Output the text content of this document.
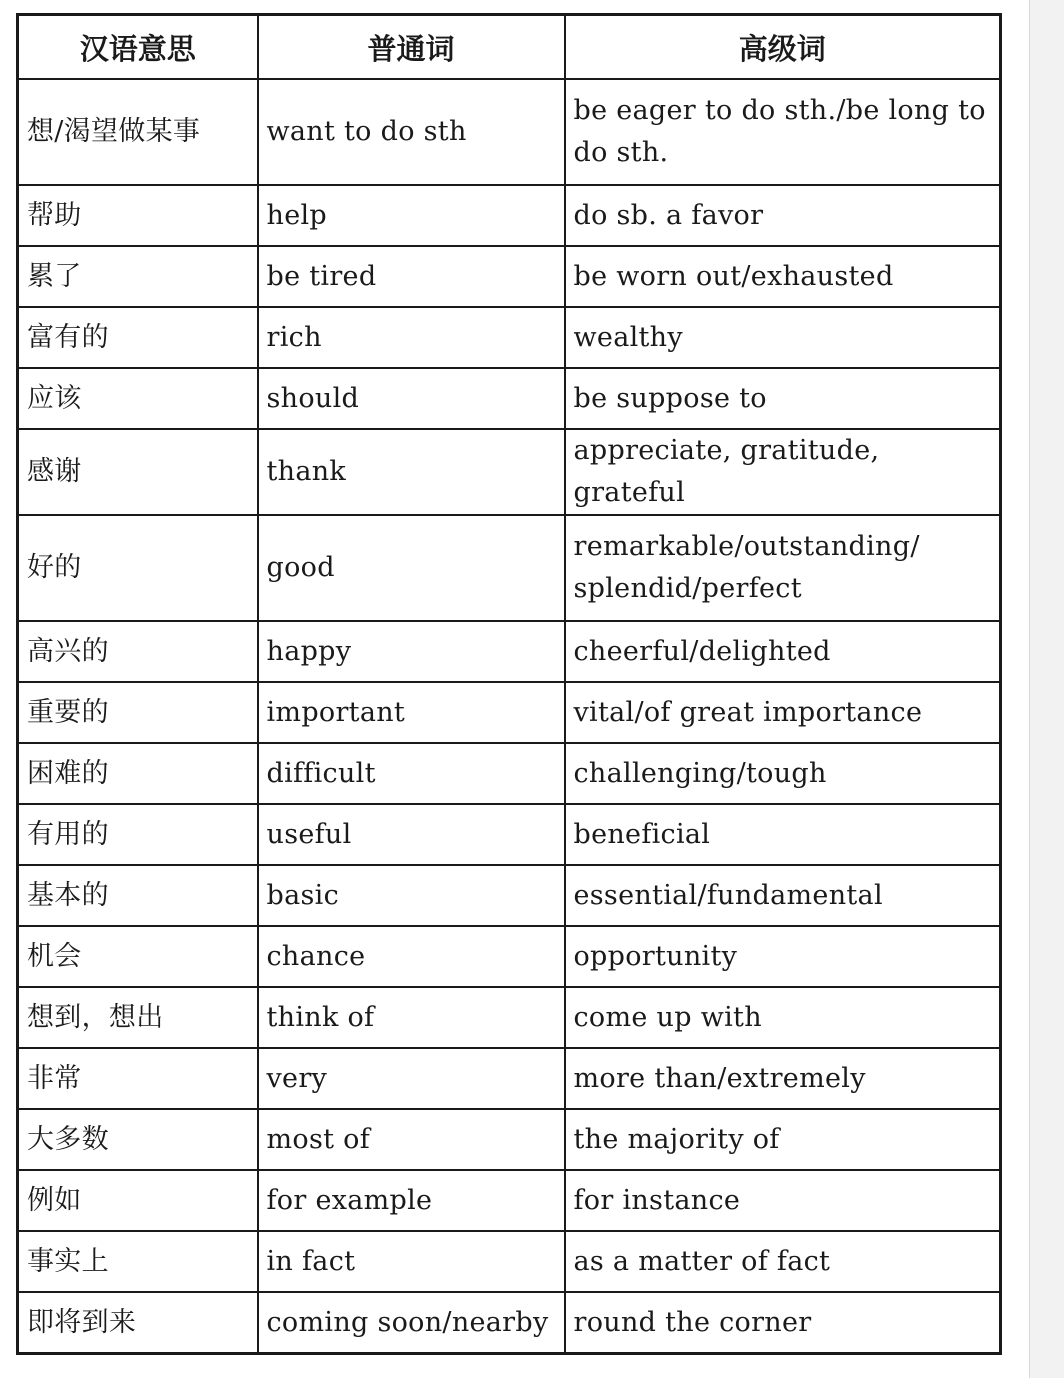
汉语意思	普通词	高级词
想/渴望做某事	want to do sth	be eager to do sth./be long to do sth.
帮助	help	do sb. a favor
累了	be tired	be worn out/exhausted
富有的	rich	wealthy
应该	should	be suppose to
感谢	thank	appreciate, gratitude, grateful
好的	good	remarkable/outstanding/ splendid/perfect
高兴的	happy	cheerful/delighted
重要的	important	vital/of great importance
困难的	difficult	challenging/tough
有用的	useful	beneficial
基本的	basic	essential/fundamental
机会	chance	opportunity
想到，想出	think of	come up with
非常	very	more than/extremely
大多数	most of	the majority of
例如	for example	for instance
事实上	in fact	as a matter of fact
即将到来	coming soon/nearby	round the corner
